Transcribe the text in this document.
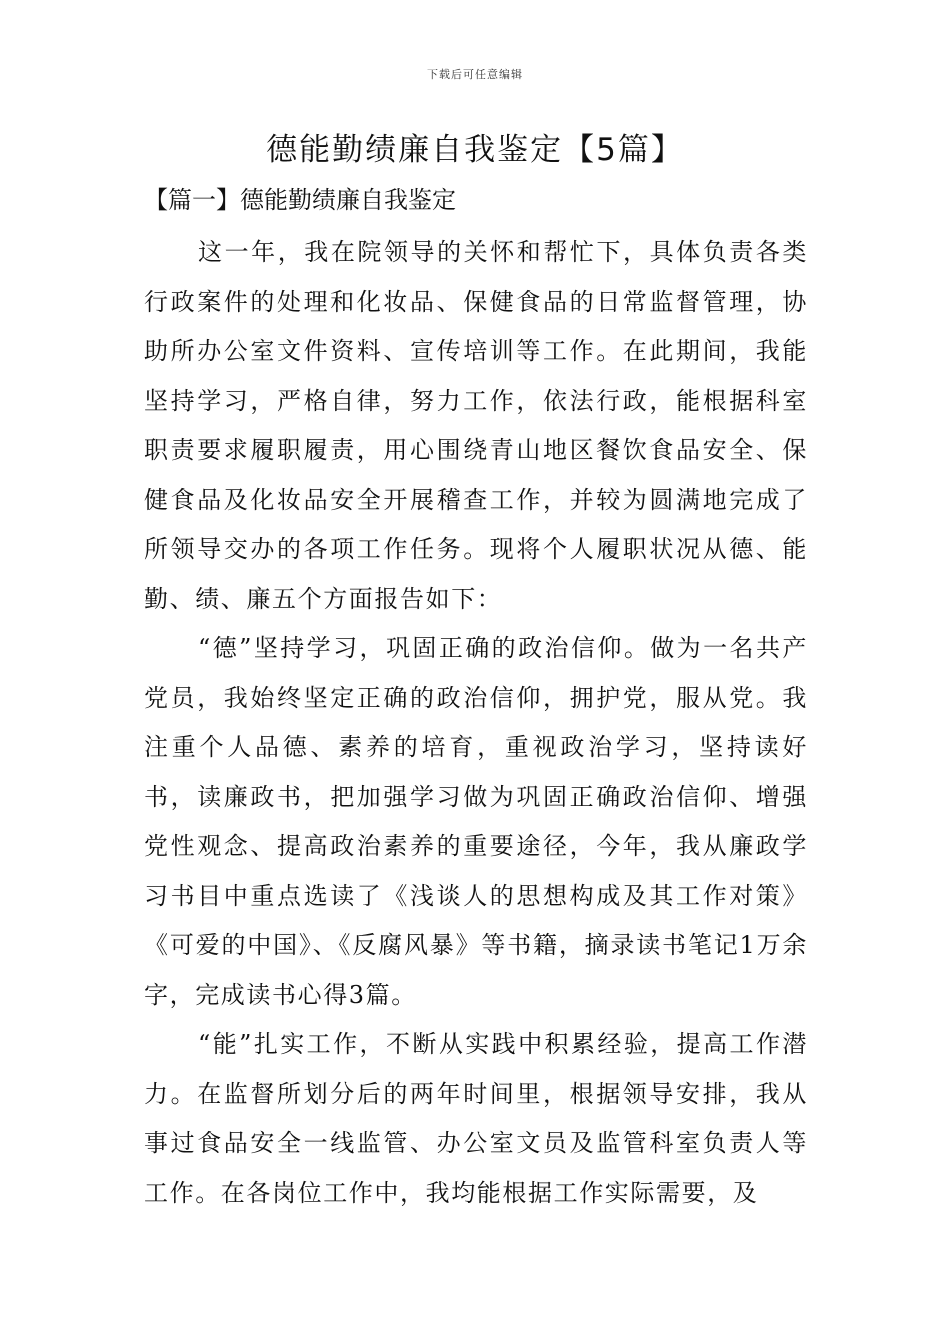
下载后可任意编辑
德能勤绩廉自我鉴定【5篇】
【篇一】德能勤绩廉自我鉴定

这一年，我在院领导的关怀和帮忙下，具体负责各类行政案件的处理和化妆品、保健食品的日常监督管理，协助所办公室文件资料、宣传培训等工作。在此期间，我能坚持学习，严格自律，努力工作，依法行政，能根据科室职责要求履职履责，用心围绕青山地区餐饮食品安全、保健食品及化妆品安全开展稽查工作，并较为圆满地完成了所领导交办的各项工作任务。现将个人履职状况从德、能勤、绩、廉五个方面报告如下：

“德”坚持学习，巩固正确的政治信仰。做为一名共产党员，我始终坚定正确的政治信仰，拥护党，服从党。我注重个人品德、素养的培育，重视政治学习，坚持读好书，读廉政书，把加强学习做为巩固正确政治信仰、增强党性观念、提高政治素养的重要途径，今年，我从廉政学习书目中重点选读了《浅谈人的思想构成及其工作对策》《可爱的中国》、《反腐风暴》等书籍，摘录读书笔记1万余字，完成读书心得3篇。

“能”扎实工作，不断从实践中积累经验，提高工作潜力。在监督所划分后的两年时间里，根据领导安排，我从事过食品安全一线监管、办公室文员及监管科室负责人等工作。在各岗位工作中，我均能根据工作实际需要，及
